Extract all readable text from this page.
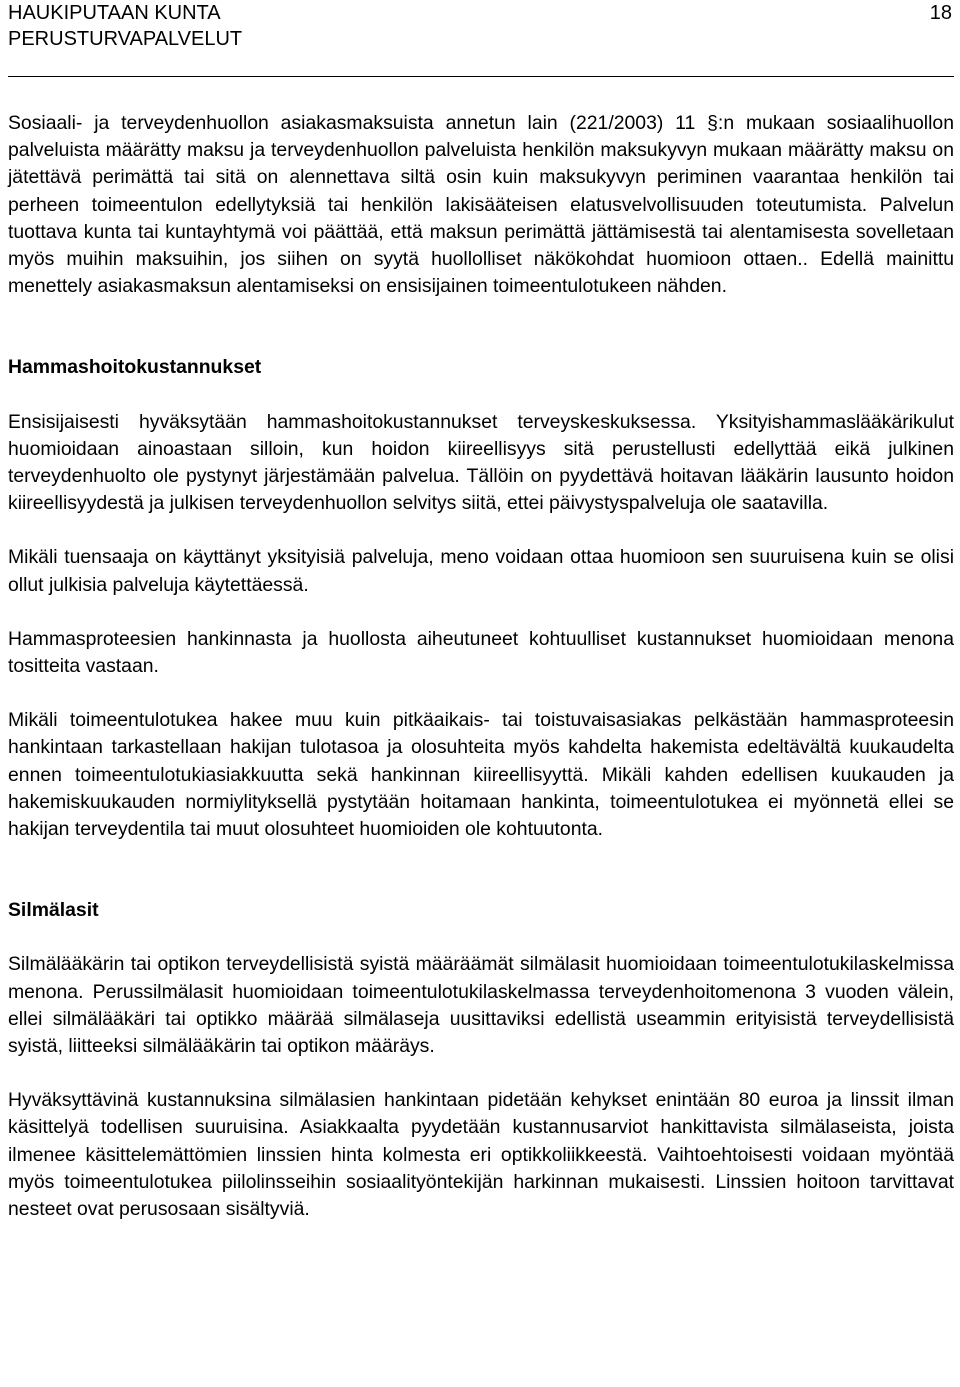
HAUKIPUTAAN KUNTA
PERUSTURVAPALVELUT
18

Sosiaali- ja terveydenhuollon asiakasmaksuista annetun lain (221/2003) 11 §:n mukaan sosiaalihuollon palveluista määrätty maksu ja terveydenhuollon palveluista henkilön maksukyvyn mukaan määrätty maksu on jätettävä perimättä tai sitä on alennettava siltä osin kuin maksukyvyn periminen vaarantaa henkilön tai perheen toimeentulon edellytyksiä tai henkilön lakisääteisen elatusvelvollisuuden toteutumista. Palvelun tuottava kunta tai kuntayhtymä voi päättää, että maksun perimättä jättämisestä tai alentamisesta sovelletaan myös muihin maksuihin, jos siihen on syytä huollolliset näkökohdat huomioon ottaen.. Edellä mainittu menettely asiakasmaksun alentamiseksi on ensisijainen toimeentulotukeen nähden.

Hammashoitokustannukset

Ensisijaisesti hyväksytään hammashoitokustannukset terveyskeskuksessa. Yksityishammaslääkärikulut huomioidaan ainoastaan silloin, kun hoidon kiireellisyys sitä perustellusti edellyttää eikä julkinen terveydenhuolto ole pystynyt järjestämään palvelua. Tällöin on pyydettävä hoitavan lääkärin lausunto hoidon kiireellisyydestä ja julkisen terveydenhuollon selvitys siitä, ettei päivystyspalveluja ole saatavilla.

Mikäli tuensaaja on käyttänyt yksityisiä palveluja, meno voidaan ottaa huomioon sen suuruisena kuin se olisi ollut julkisia palveluja käytettäessä.

Hammasproteesien hankinnasta ja huollosta aiheutuneet kohtuulliset kustannukset huomioidaan menona tositteita vastaan.

Mikäli toimeentulotukea hakee muu kuin pitkäaikais- tai toistuvaisasiakas pelkästään hammasproteesin hankintaan tarkastellaan hakijan tulotasoa ja olosuhteita myös kahdelta hakemista edeltävältä kuukaudelta ennen toimeentulotukiasiakkuutta sekä hankinnan kiireellisyyttä. Mikäli kahden edellisen kuukauden ja hakemiskuukauden normiylityksellä pystytään hoitamaan hankinta, toimeentulotukea ei myönnetä ellei se hakijan terveydentila tai muut olosuhteet huomioiden ole kohtuutonta.

Silmälasit

Silmälääkärin tai optikon terveydellisistä syistä määräämät silmälasit huomioidaan toimeentulotukilaskelmissa menona. Perussilmälasit huomioidaan toimeentulotukilaskelmassa terveydenhoitomenona 3 vuoden välein, ellei silmälääkäri tai optikko määrää silmälaseja uusittaviksi edellistä useammin erityisistä terveydellisistä syistä, liitteeksi silmälääkärin tai optikon määräys.

Hyväksyttävinä kustannuksina silmälasien hankintaan pidetään kehykset enintään 80 euroa ja linssit ilman käsittelyä todellisen suuruisina. Asiakkaalta pyydetään kustannusarviot hankittavista silmälaseista, joista ilmenee käsittelemättömien linssien hinta kolmesta eri optikkoliikkeestä. Vaihtoehtoisesti voidaan myöntää myös toimeentulotukea piilolinsseihin sosiaalityöntekijän harkinnan mukaisesti. Linssien hoitoon tarvittavat nesteet ovat perusosaan sisältyviä.
